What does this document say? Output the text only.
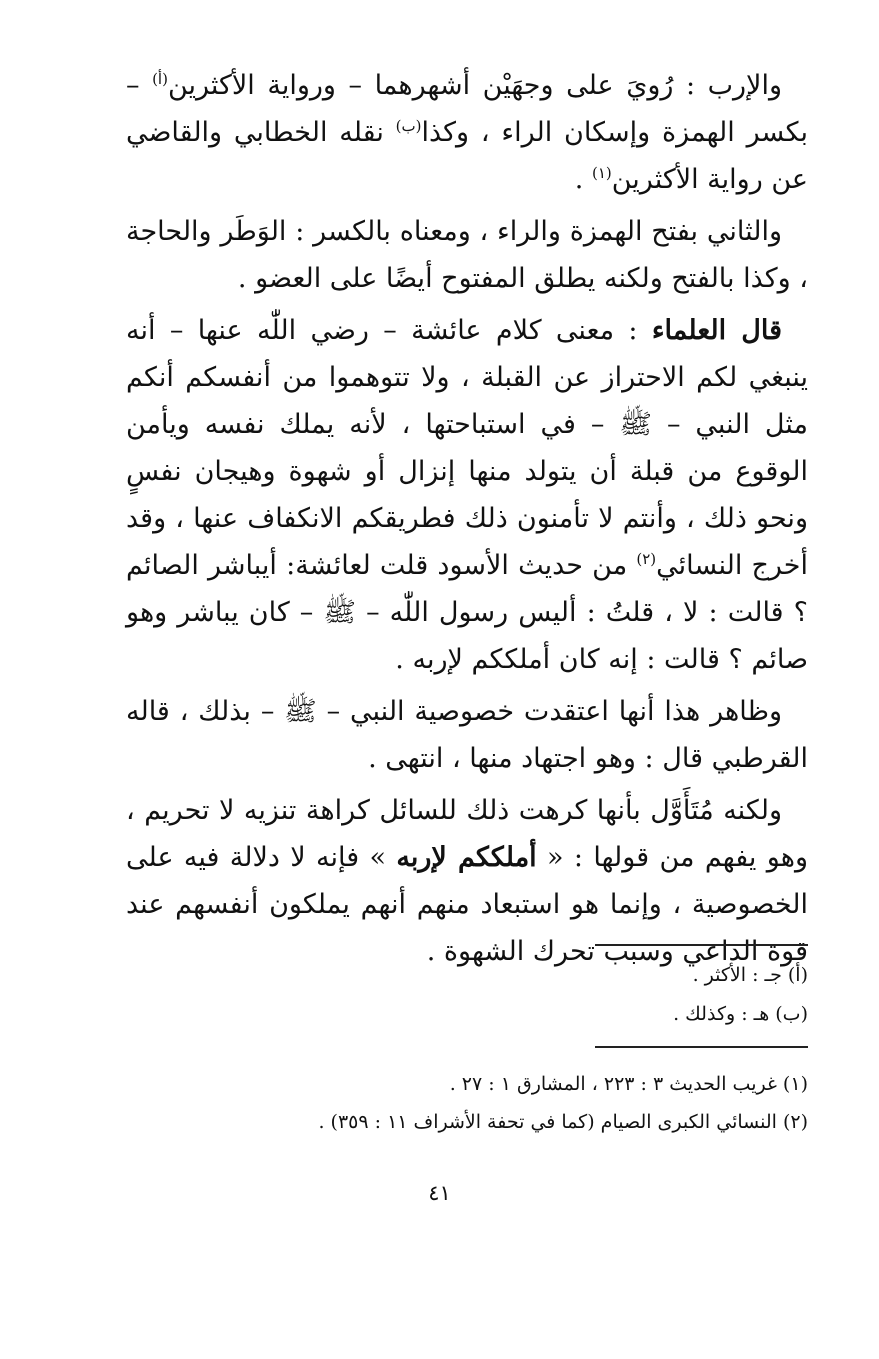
والإرب : رُويَ على وجهَيْن أشهرهما – ورواية الأكثرين$^{(أ)}$ – بكسر الهمزة وإسكان الراء ، وكذا$^{(ب)}$ نقله الخطابي والقاضي عن رواية الأكثرين$^{(١)}$ .

والثاني بفتح الهمزة والراء ، ومعناه بالكسر : الوَطَر والحاجة ، وكذا بالفتح ولكنه يطلق المفتوح أيضًا على العضو .

قال العلماء : معنى كلام عائشة – رضي اللّٰه عنها – أنه ينبغي لكم الاحتراز عن القبلة ، ولا تتوهموا من أنفسكم أنكم مثل النبي – ﷺ – في استباحتها ، لأنه يملك نفسه ويأمن الوقوع من قبلة أن يتولد منها إنزال أو شهوة وهيجان نفسٍ ونحو ذلك ، وأنتم لا تأمنون ذلك فطريقكم الانكفاف عنها ، وقد أخرج النسائي$^{(٢)}$ من حديث الأسود قلت لعائشة: أيباشر الصائم ؟ قالت : لا ، قلتُ : أليس رسول اللّٰه – ﷺ – كان يباشر وهو صائم ؟ قالت : إنه كان أملككم لإربه .

وظاهر هذا أنها اعتقدت خصوصية النبي – ﷺ – بذلك ، قاله القرطبي قال : وهو اجتهاد منها ، انتهى .

ولكنه مُتَأَوَّل بأنها كرهت ذلك للسائل كراهة تنزيه لا تحريم ، وهو يفهم من قولها : « أملككم لإربه » فإنه لا دلالة فيه على الخصوصية ، وإنما هو استبعاد منهم أنهم يملكون أنفسهم عند قوة الداعي وسبب تحرك الشهوة .

(أ) جـ : الأكثر .
(ب) هـ : وكذلك .
(١) غريب الحديث ٣ : ٢٢٣ ، المشارق ١ : ٢٧ .
(٢) النسائي الكبرى الصيام (كما في تحفة الأشراف ١١ : ٣٥٩) .
٤١
